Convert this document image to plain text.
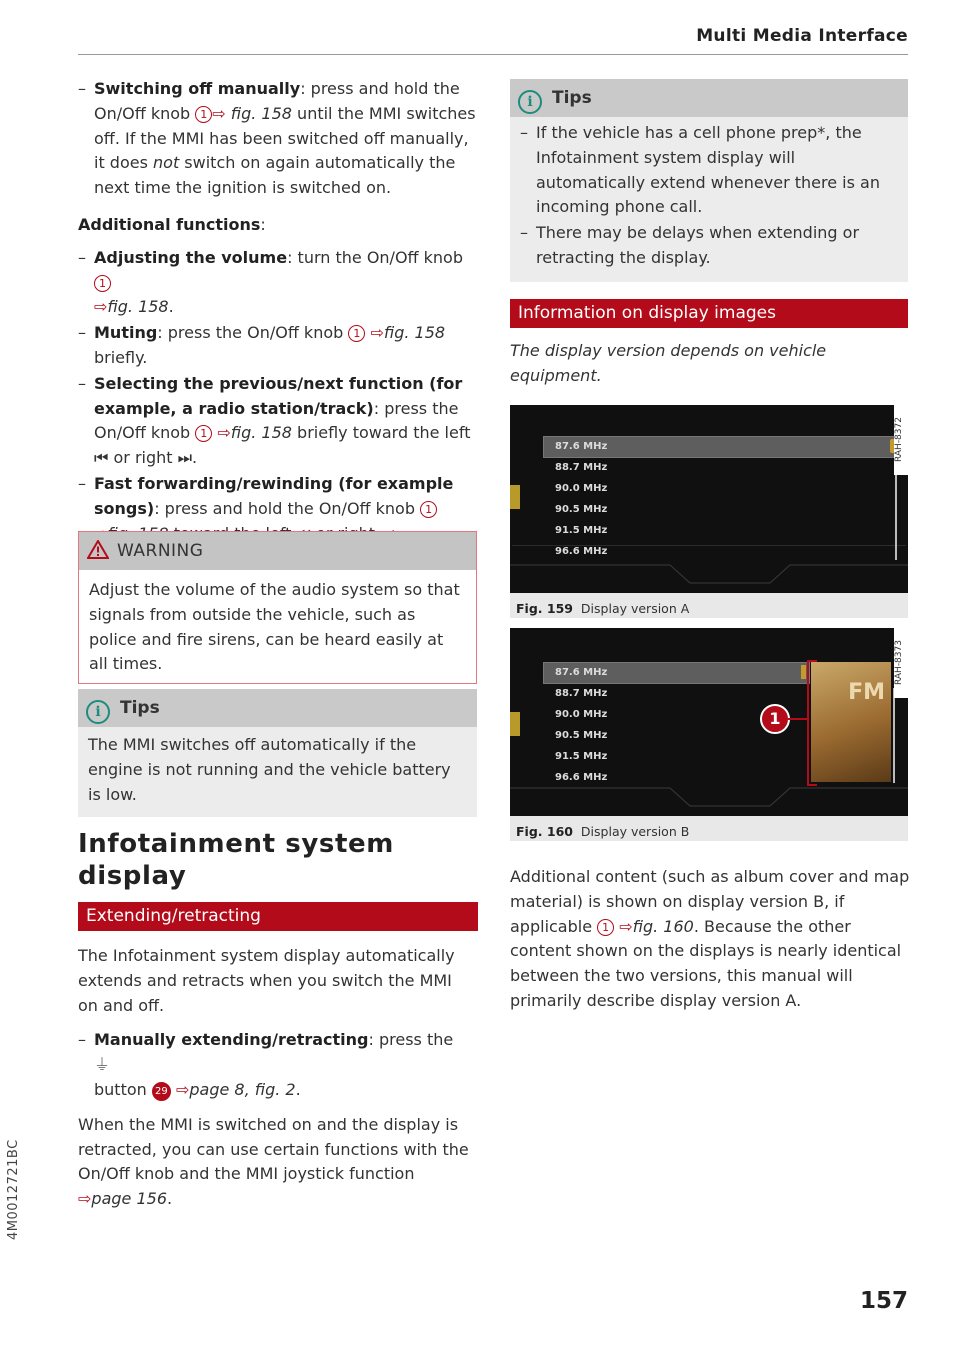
Multi Media Interface
4M0012721BC
– Switching off manually: press and hold the On/Off knob 1 ⇨ fig. 158 until the MMI switches off. If the MMI has been switched off manually, it does not switch on again automatically the next time the ignition is switched on.

Additional functions:

– Adjusting the volume: turn the On/Off knob 1
⇨fig. 158.
– Muting: press the On/Off knob 1 ⇨fig. 158 briefly.
– Selecting the previous/next function (for example, a radio station/track): press the On/Off knob 1 ⇨fig. 158 briefly toward the left ⏮ or right ⏭.
– Fast forwarding/rewinding (for example songs): press and hold the On/Off knob 1
WARNING
Adjust the volume of the audio system so that signals from outside the vehicle, such as police and fire sirens, can be heard easily at all times.
i Tips
The MMI switches off automatically if the engine is not running and the vehicle battery is low.
Infotainment system display
Extending/retracting

The Infotainment system display automatically extends and retracts when you switch the MMI on and off.

– Manually extending/retracting: press the ⏚
button 29 ⇨page 8, fig. 2.

When the MMI is switched on and the display is retracted, you can use certain functions with the On/Off knob and the MMI joystick function
⇨page 156.

i Tips
– If the vehicle has a cell phone prep*, the Infotainment system display will automatically extend whenever there is an incoming phone call.
– There may be delays when extending or retracting the display.
Information on display images
The display version depends on vehicle equipment.
87.6 MHz
88.7 MHz
90.0 MHz
90.5 MHz
91.5 MHz
96.6 MHz
RAH-8372
Fig. 159 Display version A
FM
1
87.6 MHz
88.7 MHz
90.0 MHz
90.5 MHz
91.5 MHz
96.6 MHz
RAH-8373
Fig. 160 Display version B
Additional content (such as album cover and map material) is shown on display version B, if applicable 1 ⇨fig. 160. Because the other content shown on the displays is nearly identical between the two versions, this manual will primarily describe display version A.
157
